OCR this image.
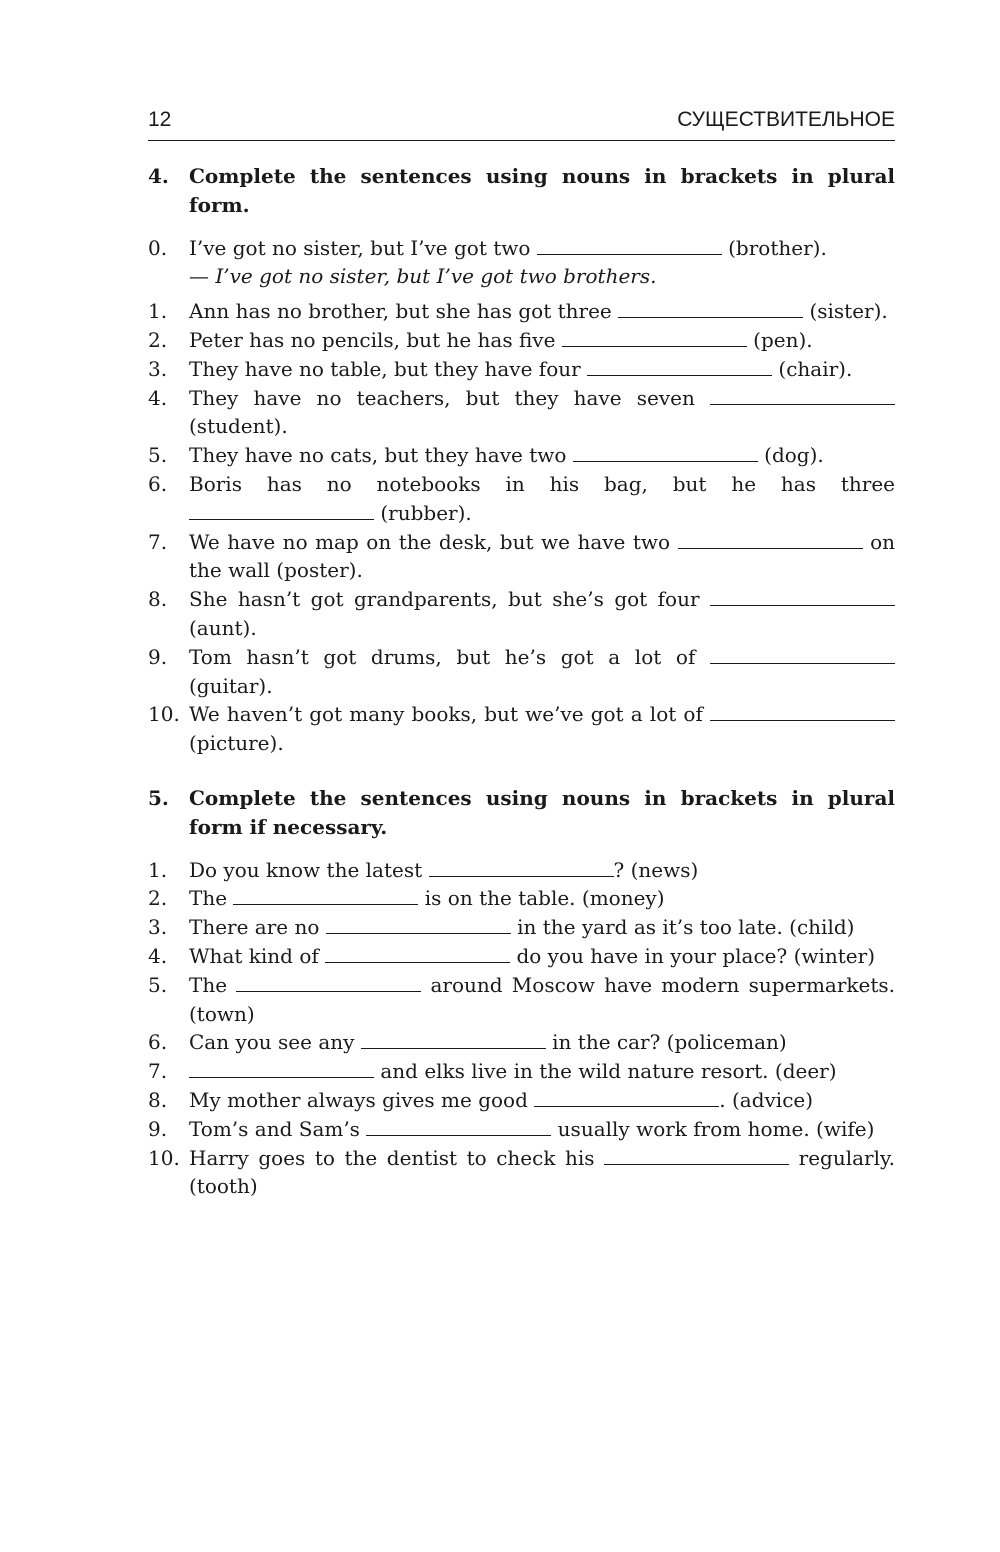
12	СУЩЕСТВИТЕЛЬНОЕ
4.	Complete the sentences using nouns in brackets in plural form.
0.	I’ve got no sister, but I’ve got two	(brother).
— I’ve got no sister, but I’ve got two brothers.
1.	Ann has no brother, but she has got three	(sister).
2.	Peter has no pencils, but he has five	(pen).
3.	They have no table, but they have four	(chair).
4.	They have no teachers, but they have seven  (student).
5.	They have no cats, but they have two	(dog).
6.	Boris has no notebooks in his bag, but he has three  (rubber).
7.	We have no map on the desk, but we have two	on the wall (poster).
8.	She hasn’t got grandparents, but she’s got four  (aunt).
9.	Tom hasn’t got drums, but he’s got a lot of  (guitar).
10. We haven’t got many books, but we’ve got a lot of  (picture).
5.	Complete the sentences using nouns in brackets in plural form if necessary.
1.	Do you know the latest	? (news)
2.	The	is on the table. (money)
3.	There are no	in the yard as it’s too late. (child)
4.	What kind of	do you have in your place? (winter)
5.	The	around Moscow have modern supermarkets. (town)
6.	Can you see any	in the car? (policeman)
7.	and elks live in the wild nature resort. (deer)
8.	My mother always gives me good	. (advice)
9.	Tom’s and Sam’s	usually work from home. (wife)
10. Harry goes to the dentist to check his	regularly. (tooth)
